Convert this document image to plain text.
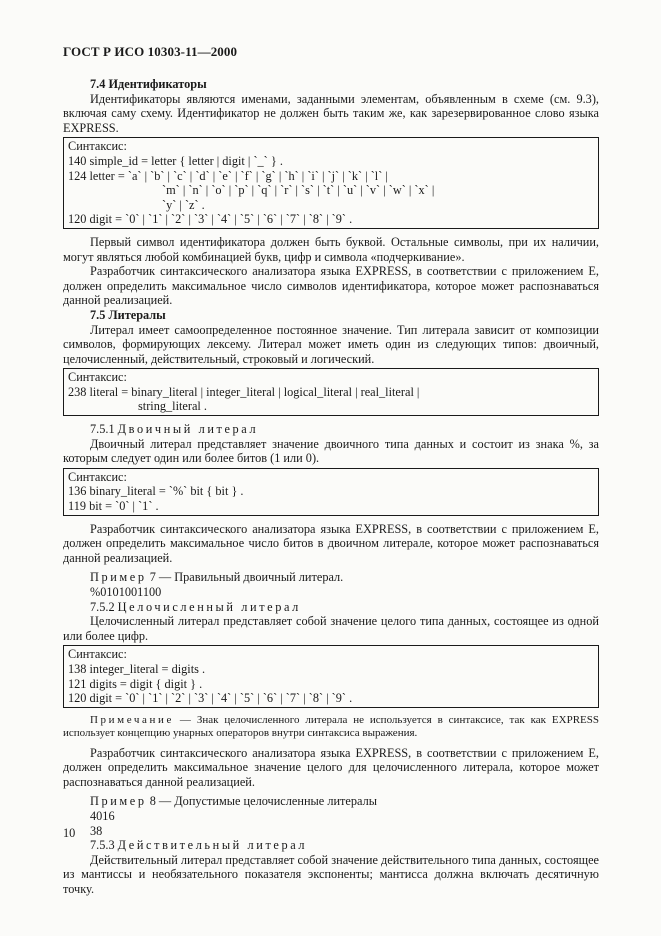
ГОСТ Р ИСО 10303-11—2000
7.4 Идентификаторы

Идентификаторы являются именами, заданными элементам, объявленным в схеме (см. 9.3), включая саму схему. Идентификатор не должен быть таким же, как зарезервированное слово языка EXPRESS.

Синтаксис:
140 simple_id = letter { letter | digit | `_` } .
124 letter = `a` | `b` | `c` | `d` | `e` | `f` | `g` | `h` | `i` | `j` | `k` | `l` |
`m` | `n` | `o` | `p` | `q` | `r` | `s` | `t` | `u` | `v` | `w` | `x` |
`y` | `z` .
120 digit = `0` | `1` | `2` | `3` | `4` | `5` | `6` | `7` | `8` | `9` .

Первый символ идентификатора должен быть буквой. Остальные символы, при их наличии, могут являться любой комбинацией букв, цифр и символа «подчеркивание».

Разработчик синтаксического анализатора языка EXPRESS, в соответствии с приложением Е, должен определить максимальное число символов идентификатора, которое может распознаваться данной реализацией.

7.5 Литералы

Литерал имеет самоопределенное постоянное значение. Тип литерала зависит от композиции символов, формирующих лексему. Литерал может иметь один из следующих типов: двоичный, целочисленный, действительный, строковый и логический.

Синтаксис:
238 literal = binary_literal | integer_literal | logical_literal | real_literal |
string_literal .

7.5.1 Двоичный литерал

Двоичный литерал представляет значение двоичного типа данных и состоит из знака %, за которым следует один или более битов (1 или 0).

Синтаксис:
136 binary_literal = `%` bit { bit } .
119 bit = `0` | `1` .

Разработчик синтаксического анализатора языка EXPRESS, в соответствии с приложением Е, должен определить максимальное число битов в двоичном литерале, которое может распознаваться данной реализацией.

Пример 7 — Правильный двоичный литерал.

%0101001100

7.5.2 Целочисленный литерал

Целочисленный литерал представляет собой значение целого типа данных, состоящее из одной или более цифр.

Синтаксис:
138 integer_literal = digits .
121 digits = digit { digit } .
120 digit = `0` | `1` | `2` | `3` | `4` | `5` | `6` | `7` | `8` | `9` .

Примечание — Знак целочисленного литерала не используется в синтаксисе, так как EXPRESS использует концепцию унарных операторов внутри синтаксиса выражения.

Разработчик синтаксического анализатора языка EXPRESS, в соответствии с приложением Е, должен определить максимальное значение целого для целочисленного литерала, которое может распознаваться данной реализацией.

Пример 8 — Допустимые целочисленные литералы

4016

38

7.5.3 Действительный литерал

Действительный литерал представляет собой значение действительного типа данных, состоящее из мантиссы и необязательного показателя экспоненты; мантисса должна включать десятичную точку.

10
